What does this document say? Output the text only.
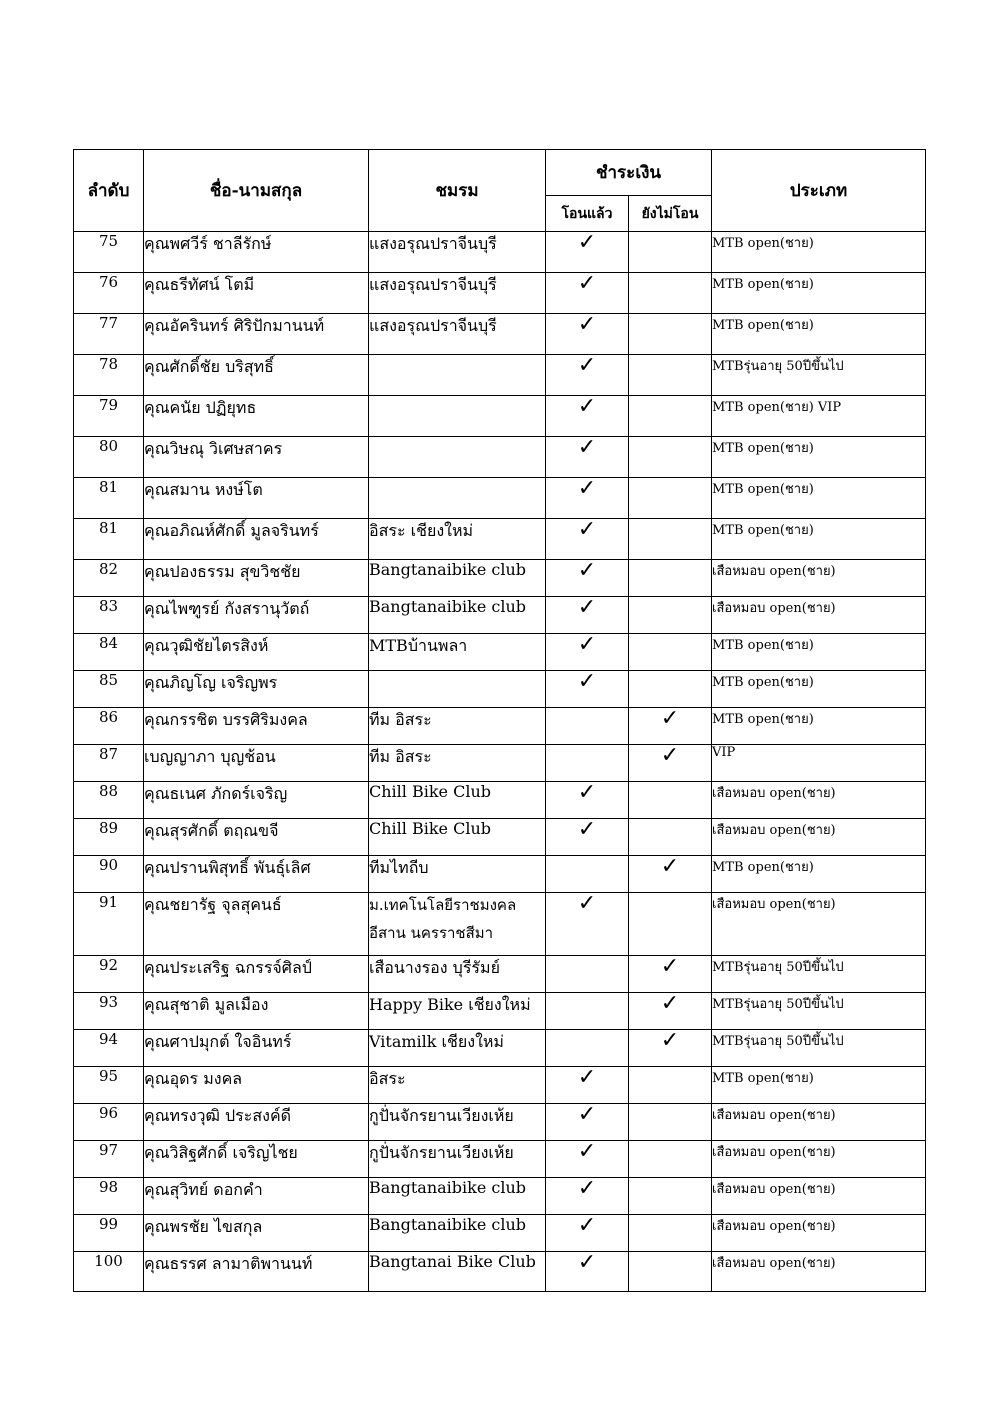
ลำดับ	ชื่อ-นามสกุล	ชมรม	ชำระเงิน		ประเภท
			โอนแล้ว	ยังไม่โอน	
75	คุณพศวีร์ ชาลีรักษ์	แสงอรุณปราจีนบุรี	✓		MTB open(ชาย)
76	คุณธรีทัศน์ โตมี	แสงอรุณปราจีนบุรี	✓		MTB open(ชาย)
77	คุณอัครินทร์ ศิริปักมานนท์	แสงอรุณปราจีนบุรี	✓		MTB open(ชาย)
78	คุณศักดิ์ชัย บริสุทธิ์		✓		MTBรุ่นอายุ 50ปีขึ้นไป
79	คุณคนัย ปฏิยุทธ		✓		MTB open(ชาย) VIP
80	คุณวิษณุ วิเศษสาคร		✓		MTB open(ชาย)
81	คุณสมาน หงษ์โต		✓		MTB open(ชาย)
81	คุณอภิณห์ศักดิ์ มูลจรินทร์	อิสระ เชียงใหม่	✓		MTB open(ชาย)
82	คุณปองธรรม สุขวิชชัย	Bangtanaibike club	✓		เสือหมอบ open(ชาย)
83	คุณไพฑูรย์ กังสรานุวัตถ์	Bangtanaibike club	✓		เสือหมอบ open(ชาย)
84	คุณวุฒิชัยไตรสิงห์	MTBบ้านพลา	✓		MTB open(ชาย)
85	คุณภิญโญ เจริญพร		✓		MTB open(ชาย)
86	คุณกรรชิต บรรศิริมงคล	ทีม อิสระ		✓	MTB open(ชาย)
87	เบญญาภา บุญช้อน	ทีม อิสระ		✓	VIP
88	คุณธเนศ ภักดร์เจริญ	Chill Bike Club	✓		เสือหมอบ open(ชาย)
89	คุณสุรศักดิ์ ตฤณขจี	Chill Bike Club	✓		เสือหมอบ open(ชาย)
90	คุณปรานพิสุทธิ์ พันธุ์เลิศ	ทีมไทถีบ		✓	MTB open(ชาย)
91	คุณชยารัฐ จุลสุคนธ์	ม.เทคโนโลยีราชมงคล
อีสาน นครราชสีมา	✓		เสือหมอบ open(ชาย)
92	คุณประเสริฐ ฉกรรจ์ศิลป์	เสือนางรอง บุรีรัมย์		✓	MTBรุ่นอายุ 50ปีขึ้นไป
93	คุณสุชาติ มูลเมือง	Happy Bike เชียงใหม่		✓	MTBรุ่นอายุ 50ปีขึ้นไป
94	คุณศาปมุกต์ ใจอินทร์	Vitamilk เชียงใหม่		✓	MTBรุ่นอายุ 50ปีขึ้นไป
95	คุณอุดร มงคล	อิสระ	✓		MTB open(ชาย)
96	คุณทรงวุฒิ ประสงค์ดี	กูปั่นจักรยานเวียงเห้ย	✓		เสือหมอบ open(ชาย)
97	คุณวิสิฐศักดิ์ เจริญไชย	กูปั่นจักรยานเวียงเห้ย	✓		เสือหมอบ open(ชาย)
98	คุณสุวิทย์ ดอกคำ	Bangtanaibike club	✓		เสือหมอบ open(ชาย)
99	คุณพรชัย ไขสกุล	Bangtanaibike club	✓		เสือหมอบ open(ชาย)
100	คุณธรรศ ลามาติพานนท์	Bangtanai Bike Club	✓		เสือหมอบ open(ชาย)
